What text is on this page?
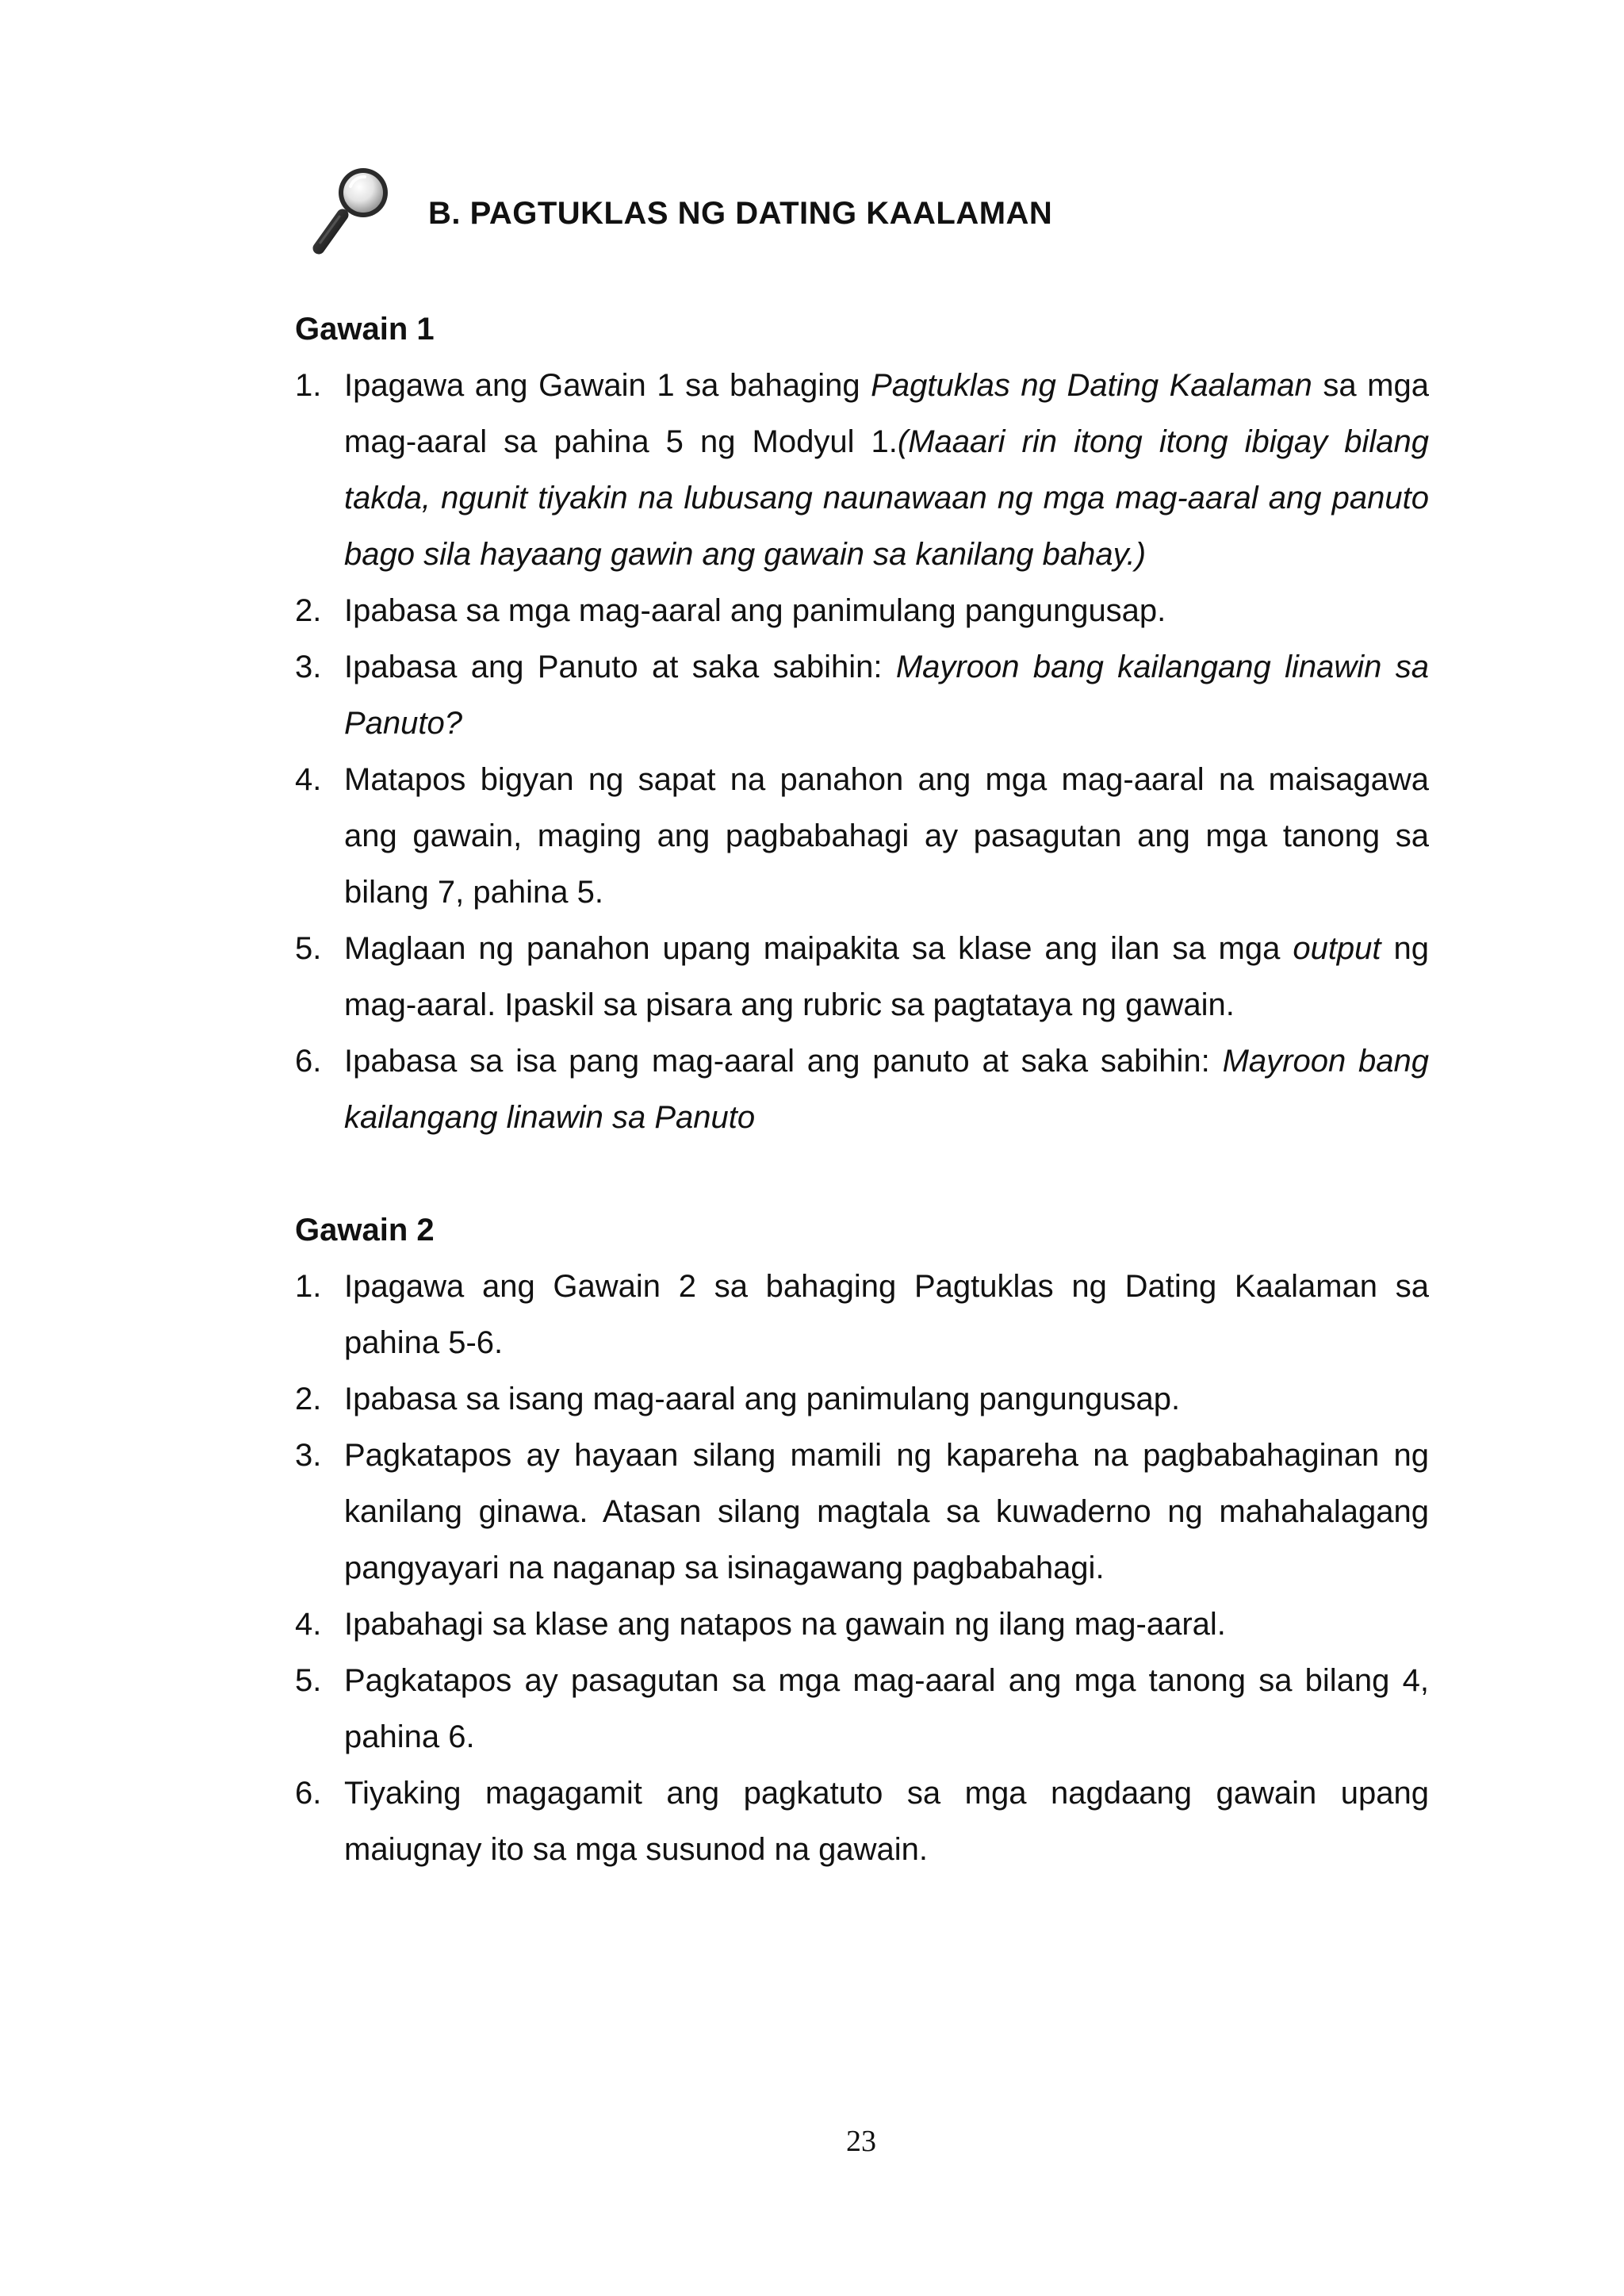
B. PAGTUKLAS NG DATING KAALAMAN
Gawain 1
1. Ipagawa ang Gawain 1 sa bahaging Pagtuklas ng Dating Kaalaman sa mga mag-aaral sa pahina 5 ng Modyul 1.(Maaari rin itong itong ibigay bilang takda, ngunit tiyakin na lubusang naunawaan ng mga mag-aaral ang panuto bago sila hayaang gawin ang gawain sa kanilang bahay.)
2. Ipabasa sa mga mag-aaral ang panimulang pangungusap.
3. Ipabasa ang Panuto at saka sabihin: Mayroon bang kailangang linawin sa Panuto?
4. Matapos bigyan ng sapat na panahon ang mga mag-aaral na maisagawa ang gawain, maging ang pagbabahagi ay pasagutan ang mga tanong sa bilang 7, pahina 5.
5. Maglaan ng panahon upang maipakita sa klase ang ilan sa mga output ng mag-aaral. Ipaskil sa pisara ang rubric sa pagtataya ng gawain.
6. Ipabasa sa isa pang mag-aaral ang panuto at saka sabihin: Mayroon bang kailangang linawin sa Panuto
Gawain 2
1. Ipagawa ang Gawain 2 sa bahaging Pagtuklas ng Dating Kaalaman sa pahina 5-6.
2. Ipabasa sa isang mag-aaral ang panimulang pangungusap.
3. Pagkatapos ay hayaan silang mamili ng kapareha na pagbabahaginan ng kanilang ginawa. Atasan silang magtala sa kuwaderno ng mahahalagang pangyayari na naganap sa isinagawang pagbabahagi.
4. Ipabahagi sa klase ang natapos na gawain ng ilang mag-aaral.
5. Pagkatapos ay pasagutan sa mga mag-aaral ang mga tanong sa bilang 4, pahina 6.
6. Tiyaking magagamit ang pagkatuto sa mga nagdaang gawain upang maiugnay ito sa mga susunod na gawain.
23
